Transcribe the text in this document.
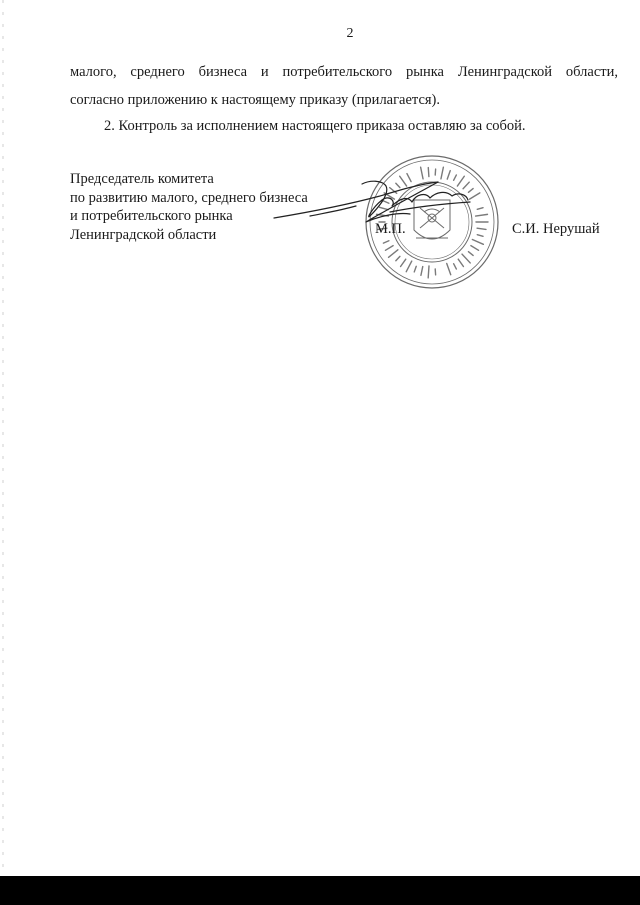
2
малого, среднего бизнеса и потребительского рынка Ленинградской области,
согласно приложению к настоящему приказу (прилагается).
2. Контроль за исполнением настоящего приказа оставляю за собой.
Председатель комитета
по развитию малого, среднего бизнеса
и потребительского рынка
Ленинградской области	М.П.	С.И. Нерушай
